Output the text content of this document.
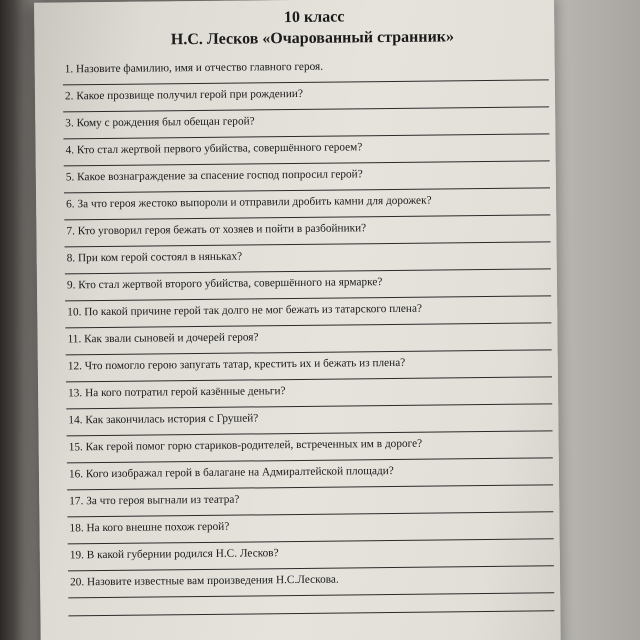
10 класс
Н.С. Лесков «Очарованный странник»
1. Назовите фамилию, имя и отчество главного героя.
2. Какое прозвище получил герой при рождении?
3. Кому с рождения был обещан герой?
4. Кто стал жертвой первого убийства, совершённого героем?
5. Какое вознаграждение за спасение господ попросил герой?
6. За что героя жестоко выпороли и отправили дробить камни для дорожек?
7. Кто уговорил героя бежать от хозяев и пойти в разбойники?
8. При ком герой состоял в няньках?
9. Кто стал жертвой второго убийства, совершённого на ярмарке?
10. По какой причине герой так долго не мог бежать из татарского плена?
11. Как звали сыновей и дочерей героя?
12. Что помогло герою запугать татар, крестить их и бежать из плена?
13. На кого потратил герой казённые деньги?
14. Как закончилась история с Грушей?
15. Как герой помог горю стариков-родителей, встреченных им в дороге?
16. Кого изображал герой в балагане на Адмиралтейской площади?
17. За что героя выгнали из театра?
18. На кого внешне похож герой?
19. В какой губернии родился Н.С. Лесков?
20. Назовите известные вам произведения Н.С.Лескова.
